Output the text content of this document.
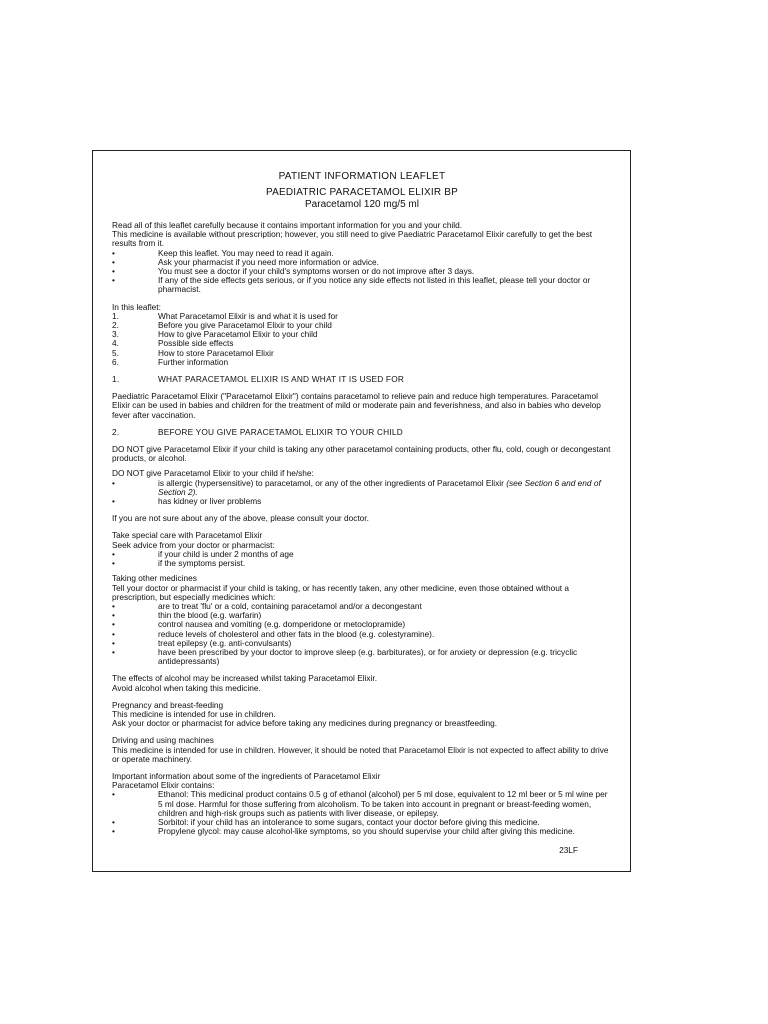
PATIENT INFORMATION LEAFLET
PAEDIATRIC PARACETAMOL ELIXIR BP
Paracetamol 120 mg/5 ml

Read all of this leaflet carefully because it contains important information for you and your child.

This medicine is available without prescription; however, you still need to give Paediatric Paracetamol Elixir carefully to get the best results from it.

•	Keep this leaflet. You may need to read it again.
•	Ask your pharmacist if you need more information or advice.
•	You must see a doctor if your child's symptoms worsen or do not improve after 3 days.
•	If any of the side effects gets serious, or if you notice any side effects not listed in this leaflet, please tell your doctor or pharmacist.

In this leaflet:

1.	What Paracetamol Elixir is and what it is used for
2.	Before you give Paracetamol Elixir to your child
3.	How to give Paracetamol Elixir to your child
4.	Possible side effects
5.	How to store Paracetamol Elixir
6.	Further information
1.	WHAT PARACETAMOL ELIXIR IS AND WHAT IT IS USED FOR

Paediatric Paracetamol Elixir ("Paracetamol Elixir") contains paracetamol to relieve pain and reduce high temperatures. Paracetamol Elixir can be used in babies and children for the treatment of mild or moderate pain and feverishness, and also in babies who develop fever after vaccination.

2.	BEFORE YOU GIVE PARACETAMOL ELIXIR TO YOUR CHILD

DO NOT give Paracetamol Elixir if your child is taking any other paracetamol containing products, other flu, cold, cough or decongestant products, or alcohol.

DO NOT give Paracetamol Elixir to your child if he/she:

•	is allergic (hypersensitive) to paracetamol, or any of the other ingredients of Paracetamol Elixir (see Section 6 and end of Section 2).
•	has kidney or liver problems

If you are not sure about any of the above, please consult your doctor.

Take special care with Paracetamol Elixir

Seek advice from your doctor or pharmacist:

•	if your child is under 2 months of age
•	if the symptoms persist.

Taking other medicines

Tell your doctor or pharmacist if your child is taking, or has recently taken, any other medicine, even those obtained without a prescription, but especially medicines which:

•	are to treat 'flu' or a cold, containing paracetamol and/or a decongestant
•	thin the blood (e.g. warfarin)
•	control nausea and vomiting (e.g. domperidone or metoclopramide)
•	reduce levels of cholesterol and other fats in the blood (e.g. colestyramine).
•	treat epilepsy (e.g. anti-convulsants)
•	have been prescribed by your doctor to improve sleep (e.g. barbiturates), or for anxiety or depression (e.g. tricyclic antidepressants)

The effects of alcohol may be increased whilst taking Paracetamol Elixir.

Avoid alcohol when taking this medicine.

Pregnancy and breast-feeding

This medicine is intended for use in children.

Ask your doctor or pharmacist for advice before taking any medicines during pregnancy or breastfeeding.

Driving and using machines

This medicine is intended for use in children. However, it should be noted that Paracetamol Elixir is not expected to affect ability to drive or operate machinery.

Important information about some of the ingredients of Paracetamol Elixir

Paracetamol Elixir contains:

•	Ethanol: This medicinal product contains 0.5 g of ethanol (alcohol) per 5 ml dose, equivalent to 12 ml beer or 5 ml wine per 5 ml dose. Harmful for those suffering from alcoholism. To be taken into account in pregnant or breast-feeding women, children and high-risk groups such as patients with liver disease, or epilepsy.
•	Sorbitol: if your child has an intolerance to some sugars, contact your doctor before giving this medicine.
•	Propylene glycol: may cause alcohol-like symptoms, so you should supervise your child after giving this medicine.
23LF
